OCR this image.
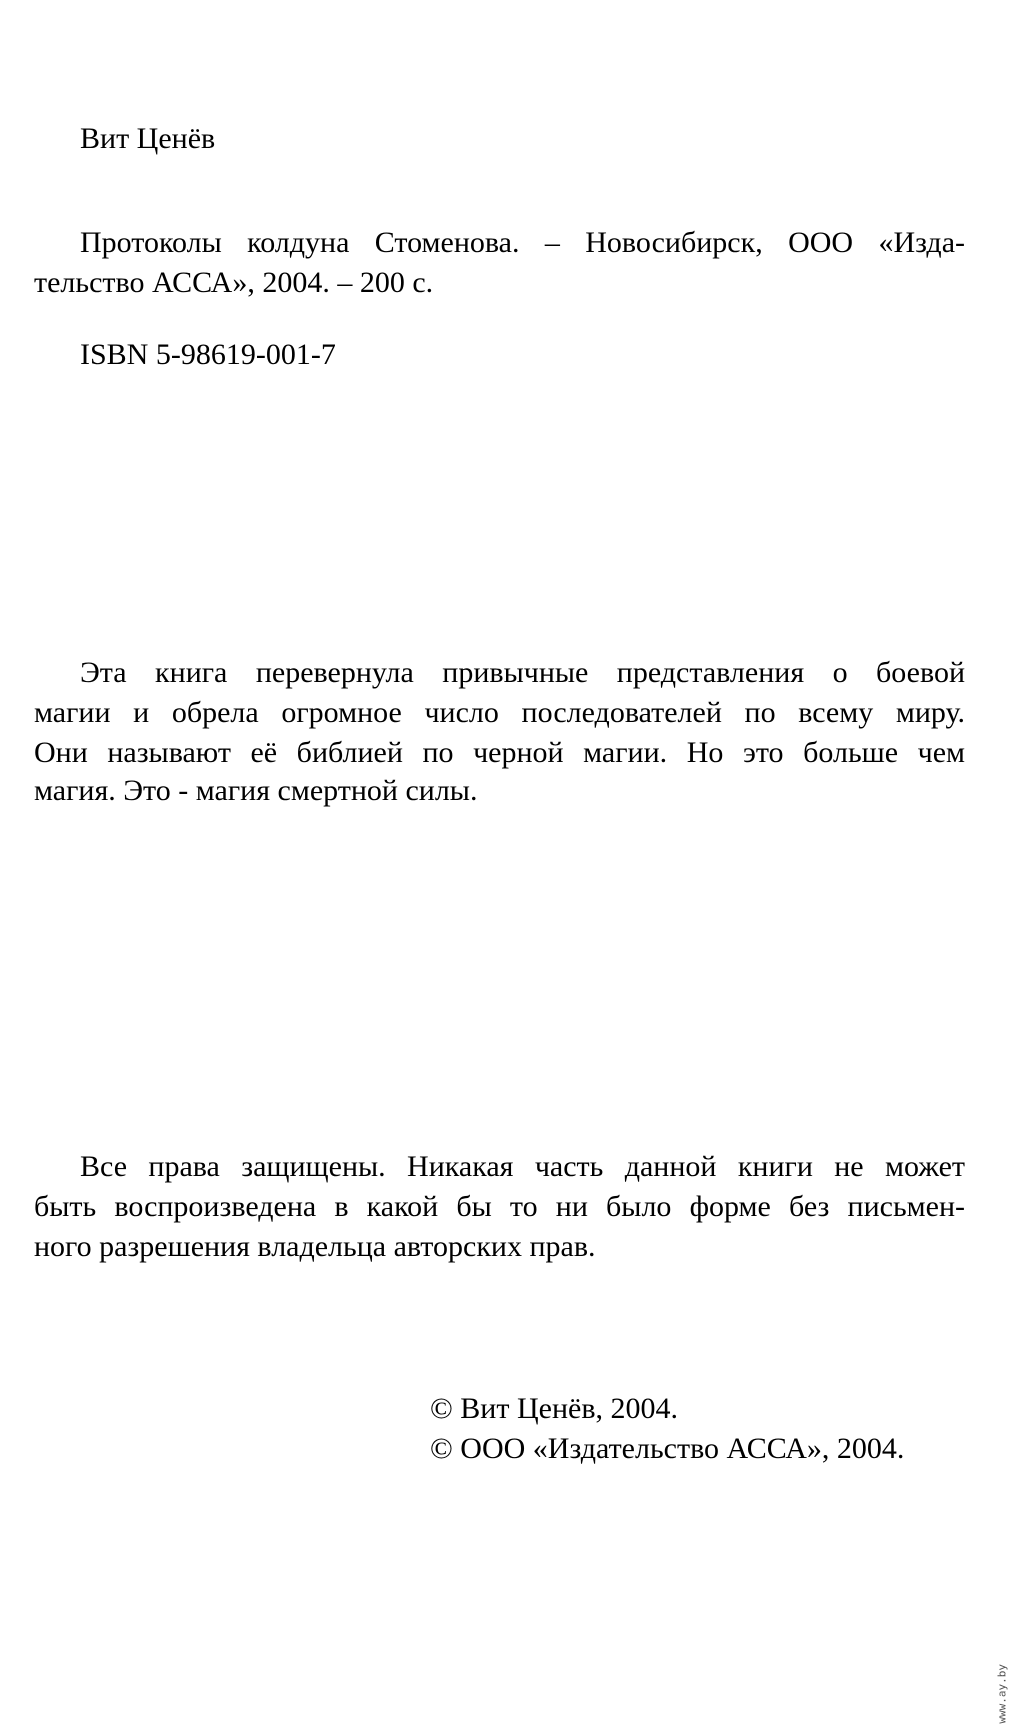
Вит Ценёв
Протоколы колдуна Стоменова. – Новосибирск, ООО «Изда-
тельство АССА», 2004. – 200 с.
ISBN 5-98619-001-7
Эта книга перевернула привычные представления о боевой
магии и обрела огромное число последователей по всему миру.
Они называют её библией по черной магии. Но это больше чем
магия. Это - магия смертной силы.
Все права защищены. Никакая часть данной книги не может
быть воспроизведена в какой бы то ни было форме без письмен-
ного разрешения владельца авторских прав.
© Вит Ценёв, 2004.
© ООО «Издательство АССА», 2004.
www.ay.by
